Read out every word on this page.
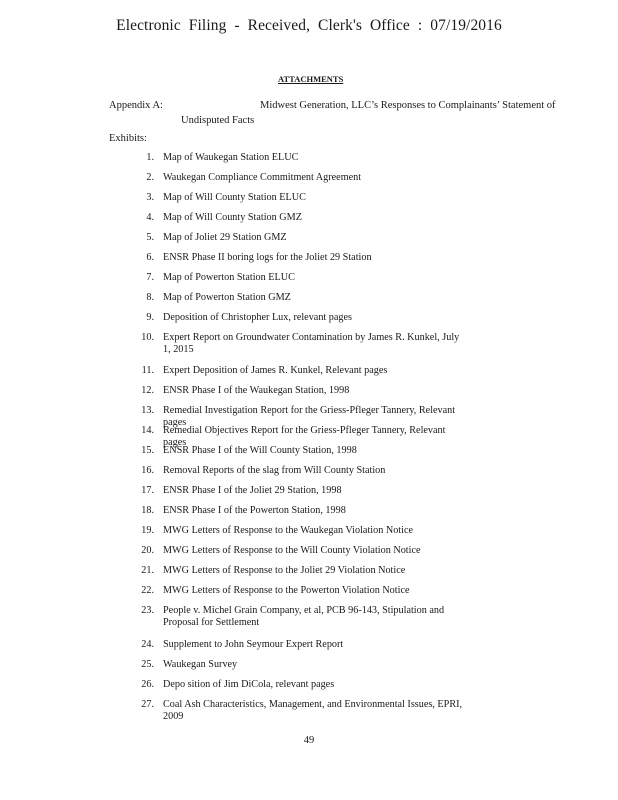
Electronic Filing - Received, Clerk's Office : 07/19/2016
ATTACHMENTS
Appendix A:	Midwest Generation, LLC’s Responses to Complainants’ Statement of
Undisputed Facts
Exhibits:
1. Map of Waukegan Station ELUC
2. Waukegan Compliance Commitment Agreement
3. Map of Will County Station ELUC
4. Map of Will County Station GMZ
5. Map of Joliet 29 Station GMZ
6. ENSR Phase II boring logs for the Joliet 29 Station
7. Map of Powerton Station ELUC
8. Map of Powerton Station GMZ
9. Deposition of Christopher Lux, relevant pages
10. Expert Report on Groundwater Contamination by James R. Kunkel, July 1, 2015
11. Expert Deposition of James R. Kunkel, Relevant pages
12. ENSR Phase I of the Waukegan Station, 1998
13. Remedial Investigation Report for the Griess-Pfleger Tannery, Relevant pages
14. Remedial Objectives Report for the Griess-Pfleger Tannery, Relevant pages
15. ENSR Phase I of the Will County Station, 1998
16. Removal Reports of the slag from Will County Station
17. ENSR Phase I of the Joliet 29 Station, 1998
18. ENSR Phase I of the Powerton Station, 1998
19. MWG Letters of Response to the Waukegan Violation Notice
20. MWG Letters of Response to the Will County Violation Notice
21. MWG Letters of Response to the Joliet 29 Violation Notice
22. MWG Letters of Response to the Powerton Violation Notice
23. People v. Michel Grain Company, et al, PCB 96-143, Stipulation and Proposal for Settlement
24. Supplement to John Seymour Expert Report
25. Waukegan Survey
26. Depo sition of Jim DiCola, relevant pages
27. Coal Ash Characteristics, Management, and Environmental Issues, EPRI, 2009
49
